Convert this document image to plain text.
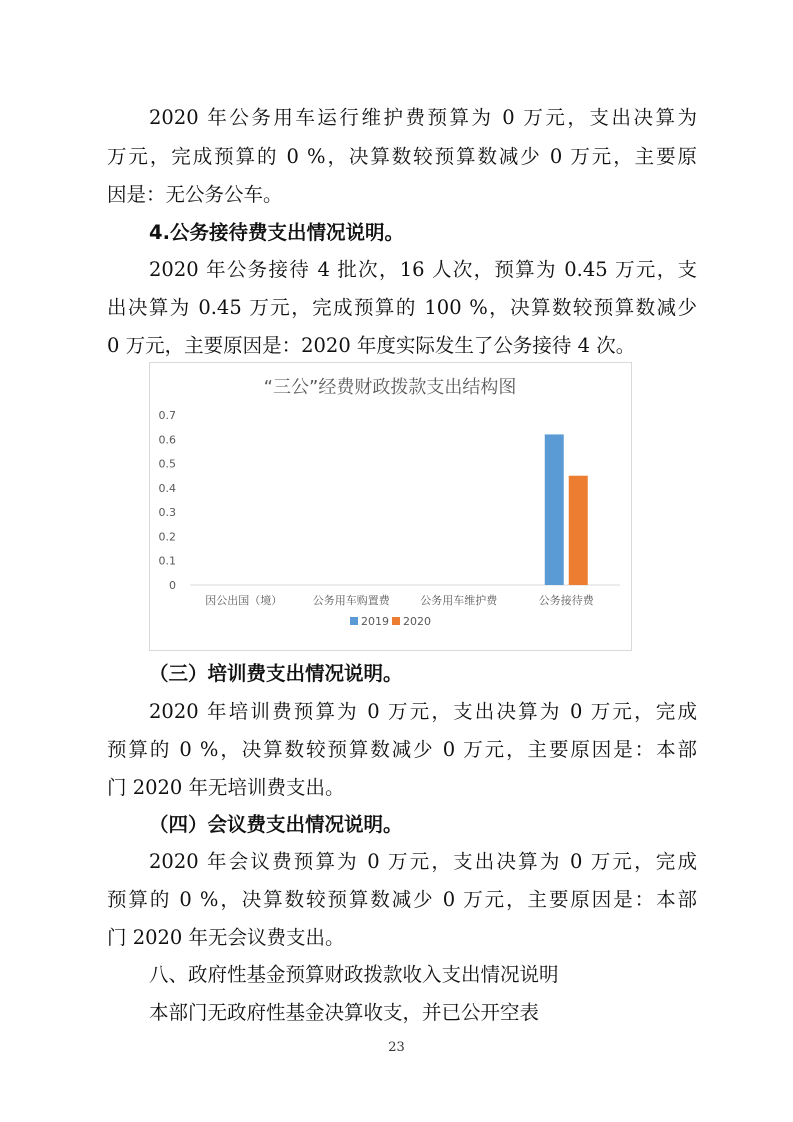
2020 年公务用车运行维护费预算为 0 万元，支出决算为
万元，完成预算的 0 %，决算数较预算数减少 0 万元，主要原
因是：无公务公车。
4.公务接待费支出情况说明。
2020 年公务接待 4 批次，16 人次，预算为 0.45 万元，支
出决算为 0.45 万元，完成预算的 100 %，决算数较预算数减少
0 万元，主要原因是：2020 年度实际发生了公务接待 4 次。
“三公”经费财政拨款支出结构图
0
0.1
0.2
0.3
0.4
0.5
0.6
0.7
因公出国（境）	公务用车购置费	公务用车维护费	公务接待费
2019 2020
（三）培训费支出情况说明。
2020 年培训费预算为 0 万元，支出决算为 0 万元，完成
预算的 0 %，决算数较预算数减少 0 万元，主要原因是：本部
门 2020 年无培训费支出。
（四）会议费支出情况说明。
2020 年会议费预算为 0 万元，支出决算为 0 万元，完成
预算的 0 %，决算数较预算数减少 0 万元，主要原因是：本部
门 2020 年无会议费支出。
八、政府性基金预算财政拨款收入支出情况说明
本部门无政府性基金决算收支，并已公开空表
23
